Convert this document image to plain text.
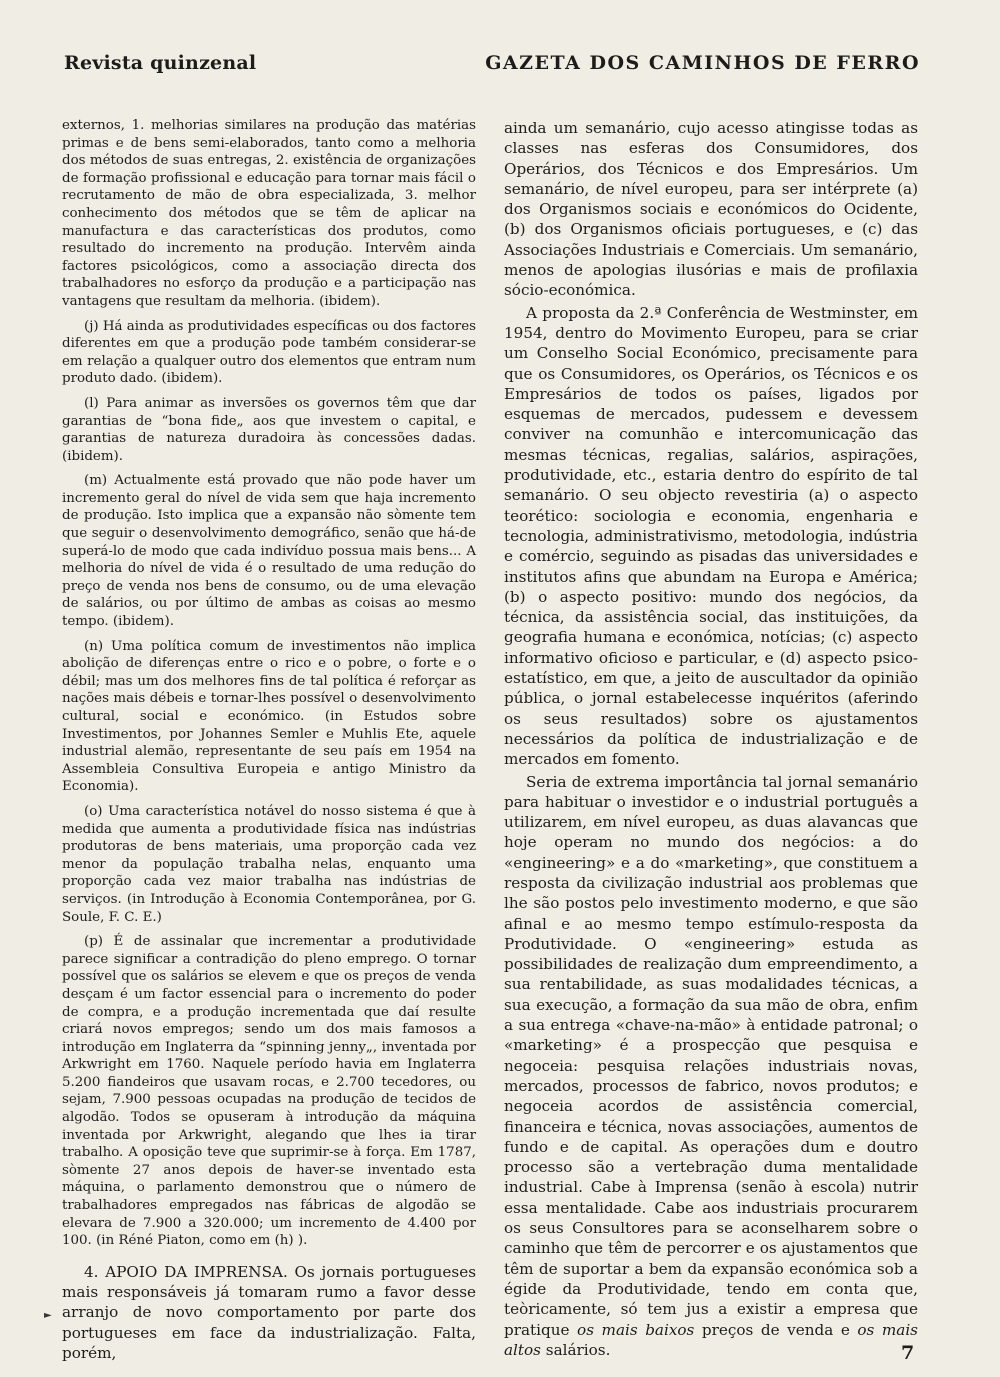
Revista quinzenal	GAZETA DOS CAMINHOS DE FERRO

externos, 1. melhorias similares na produção das matérias primas e de bens semi-elaborados, tanto como a melhoria dos métodos de suas entregas, 2. existência de organizações de formação profissional e educação para tornar mais fácil o recrutamento de mão de obra especializada, 3. melhor conhecimento dos métodos que se têm de aplicar na manufactura e das características dos produtos, como resultado do incremento na produção. Intervêm ainda factores psicológicos, como a associação directa dos trabalhadores no esforço da produção e a participação nas vantagens que resultam da melhoria. (ibidem).

(j) Há ainda as produtividades específicas ou dos factores diferentes em que a produção pode também considerar-se em relação a qualquer outro dos elementos que entram num produto dado. (ibidem).

(l) Para animar as inversões os governos têm que dar garantias de “bona fide„ aos que investem o capital, e garantias de natureza duradoira às concessões dadas. (ibidem).

(m) Actualmente está provado que não pode haver um incremento geral do nível de vida sem que haja incremento de produção. Isto implica que a expansão não sòmente tem que seguir o desenvolvimento demográfico, senão que há-de superá-lo de modo que cada indivíduo possua mais bens... A melhoria do nível de vida é o resultado de uma redução do preço de venda nos bens de consumo, ou de uma elevação de salários, ou por último de ambas as coisas ao mesmo tempo. (ibidem).

(n) Uma política comum de investimentos não implica abolição de diferenças entre o rico e o pobre, o forte e o débil; mas um dos melhores fins de tal política é reforçar as nações mais débeis e tornar-lhes possível o desenvolvimento cultural, social e económico. (in Estudos sobre Investimentos, por Johannes Semler e Muhlis Ete, aquele industrial alemão, representante de seu país em 1954 na Assembleia Consultiva Europeia e antigo Ministro da Economia).

(o) Uma característica notável do nosso sistema é que à medida que aumenta a produtividade física nas indústrias produtoras de bens materiais, uma proporção cada vez menor da população trabalha nelas, enquanto uma proporção cada vez maior trabalha nas indústrias de serviços. (in Introdução à Economia Contemporânea, por G. Soule, F. C. E.)

(p) É de assinalar que incrementar a produtividade parece significar a contradição do pleno emprego. O tornar possível que os salários se elevem e que os preços de venda desçam é um factor essencial para o incremento do poder de compra, e a produção incrementada que daí resulte criará novos empregos; sendo um dos mais famosos a introdução em Inglaterra da “spinning jenny„, inventada por Arkwright em 1760. Naquele período havia em Inglaterra 5.200 fiandeiros que usavam rocas, e 2.700 tecedores, ou sejam, 7.900 pessoas ocupadas na produção de tecidos de algodão. Todos se opuseram à introdução da máquina inventada por Arkwright, alegando que lhes ia tirar trabalho. A oposição teve que suprimir-se à força. Em 1787, sòmente 27 anos depois de haver-se inventado esta máquina, o parlamento demonstrou que o número de trabalhadores empregados nas fábricas de algodão se elevara de 7.900 a 320.000; um incremento de 4.400 por 100. (in Réné Piaton, como em (h) ).

4. APOIO DA IMPRENSA. Os jornais portugueses mais responsáveis já tomaram rumo a favor desse arranjo de novo comportamento por parte dos portugueses em face da industrialização. Falta, porém,

ainda um semanário, cujo acesso atingisse todas as classes nas esferas dos Consumidores, dos Operários, dos Técnicos e dos Empresários. Um semanário, de nível europeu, para ser intérprete (a) dos Organismos sociais e económicos do Ocidente, (b) dos Organismos oficiais portugueses, e (c) das Associações Industriais e Comerciais. Um semanário, menos de apologias ilusórias e mais de profilaxia sócio-económica.

A proposta da 2.ª Conferência de Westminster, em 1954, dentro do Movimento Europeu, para se criar um Conselho Social Económico, precisamente para que os Consumidores, os Operários, os Técnicos e os Empresários de todos os países, ligados por esquemas de mercados, pudessem e devessem conviver na comunhão e intercomunicação das mesmas técnicas, regalias, salários, aspirações, produtividade, etc., estaria dentro do espírito de tal semanário. O seu objecto revestiria (a) o aspecto teorético: sociologia e economia, engenharia e tecnologia, administrativismo, metodologia, indústria e comércio, seguindo as pisadas das universidades e institutos afins que abundam na Europa e América; (b) o aspecto positivo: mundo dos negócios, da técnica, da assistência social, das instituições, da geografia humana e económica, notícias; (c) aspecto informativo oficioso e particular, e (d) aspecto psico-estatístico, em que, a jeito de auscultador da opinião pública, o jornal estabelecesse inquéritos (aferindo os seus resultados) sobre os ajustamentos necessários da política de industrialização e de mercados em fomento.

Seria de extrema importância tal jornal semanário para habituar o investidor e o industrial português a utilizarem, em nível europeu, as duas alavancas que hoje operam no mundo dos negócios: a do «engineering» e a do «marketing», que constituem a resposta da civilização industrial aos problemas que lhe são postos pelo investimento moderno, e que são afinal e ao mesmo tempo estímulo-resposta da Produtividade. O «engineering» estuda as possibilidades de realização dum empreendimento, a sua rentabilidade, as suas modalidades técnicas, a sua execução, a formação da sua mão de obra, enfim a sua entrega «chave-na-mão» à entidade patronal; o «marketing» é a prospecção que pesquisa e negoceia: pesquisa relações industriais novas, mercados, processos de fabrico, novos produtos; e negoceia acordos de assistência comercial, financeira e técnica, novas associações, aumentos de fundo e de capital. As operações dum e doutro processo são a vertebração duma mentalidade industrial. Cabe à Imprensa (senão à escola) nutrir essa mentalidade. Cabe aos industriais procurarem os seus Consultores para se aconselharem sobre o caminho que têm de percorrer e os ajustamentos que têm de suportar a bem da expansão económica sob a égide da Produtividade, tendo em conta que, teòricamente, só tem jus a existir a empresa que pratique os mais baixos preços de venda e os mais altos salários.

►
7
